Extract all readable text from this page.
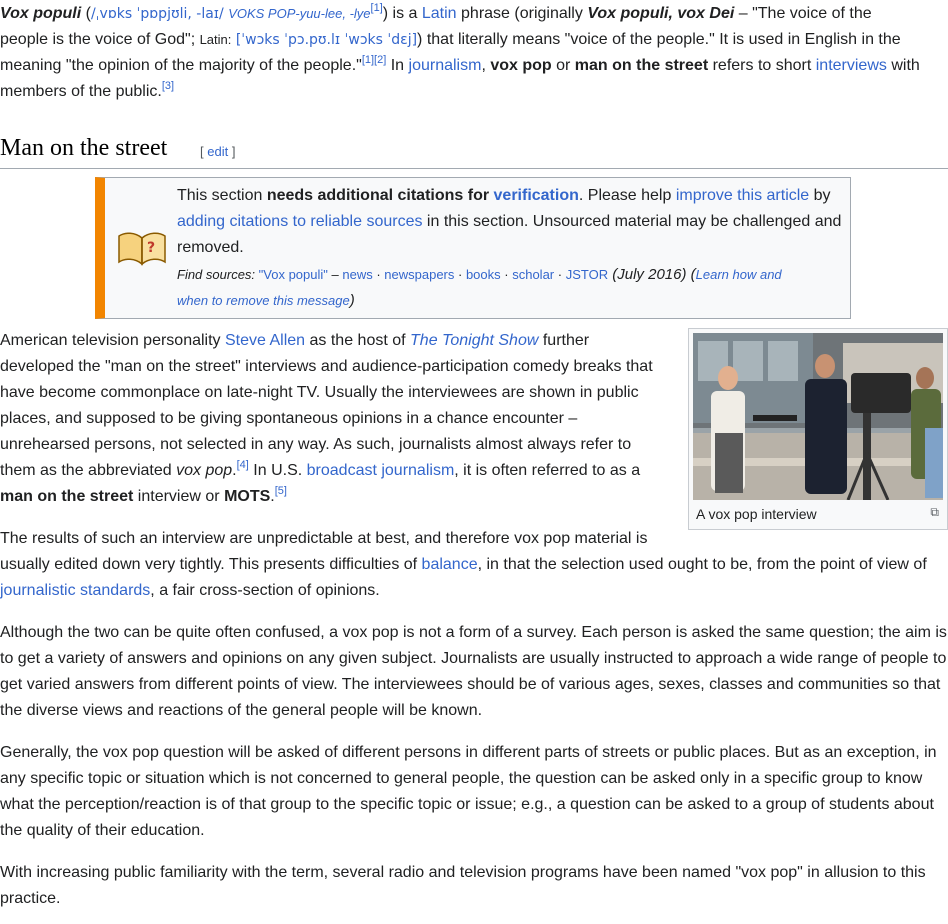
Vox populi (/ˌvɒks ˈpɒpjʊli, -laɪ/ VOKS POP-yuu-lee, -⁠lye[1]) is a Latin phrase (originally Vox populi, vox Dei – "The voice of the
people is the voice of God"; Latin: [ˈwɔks ˈpɔ.pʊ.lɪ ˈwɔks ˈdɛj]) that literally means "voice of the people." It is used in English in the
meaning "the opinion of the majority of the people."[1][2] In journalism, vox pop or man on the street refers to short interviews with
members of the public.[3]
Man on the street	[ edit ]
?
This section needs additional citations for verification. Please help improve this article by
adding citations to reliable sources in this section. Unsourced material may be challenged and
removed.
Find sources: "Vox populi" – news · newspapers · books · scholar · JSTOR (July 2016) (Learn how and
when to remove this message)
A vox pop interview	⧉
American television personality Steve Allen as the host of The Tonight Show further
developed the "man on the street" interviews and audience-participation comedy breaks that
have become commonplace on late-night TV. Usually the interviewees are shown in public
places, and supposed to be giving spontaneous opinions in a chance encounter –
unrehearsed persons, not selected in any way. As such, journalists almost always refer to
them as the abbreviated vox pop.[4] In U.S. broadcast journalism, it is often referred to as a
man on the street interview or MOTS.[5]
The results of such an interview are unpredictable at best, and therefore vox pop material is
usually edited down very tightly. This presents difficulties of balance, in that the selection used ought to be, from the point of view of
journalistic standards, a fair cross-section of opinions.
Although the two can be quite often confused, a vox pop is not a form of a survey. Each person is asked the same question; the aim is
to get a variety of answers and opinions on any given subject. Journalists are usually instructed to approach a wide range of people to
get varied answers from different points of view. The interviewees should be of various ages, sexes, classes and communities so that
the diverse views and reactions of the general people will be known.
Generally, the vox pop question will be asked of different persons in different parts of streets or public places. But as an exception, in
any specific topic or situation which is not concerned to general people, the question can be asked only in a specific group to know
what the perception/reaction is of that group to the specific topic or issue; e.g., a question can be asked to a group of students about
the quality of their education.
With increasing public familiarity with the term, several radio and television programs have been named "vox pop" in allusion to this
practice.
